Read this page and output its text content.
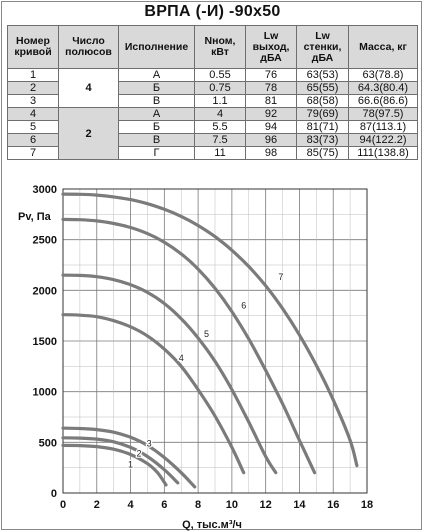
ВРПА (-И) -90х50
Номер кривой	Число полюсов	Исполнение	Nном, кВт	Lw выход, дБА	Lw стенки, дБА	Масса, кг
1	4	А	0.55	76	63(53)	63(78.8)
2		Б	0.75	78	65(55)	64.3(80.4)
3		В	1.1	81	68(58)	66.6(86.6)
4	2	А	4	92	79(69)	78(97.5)
5		Б	5.5	94	81(71)	87(113.1)
6		В	7.5	96	83(73)	94(122.2)
7		Г	11	98	85(75)	111(138.8)
0
500
1000
1500
2000
2500
3000
0	2	4	6	8 10 12 14 16 18
1
2
3
4
5
6
7
Pv, Па
Q, тыс.м³/ч
